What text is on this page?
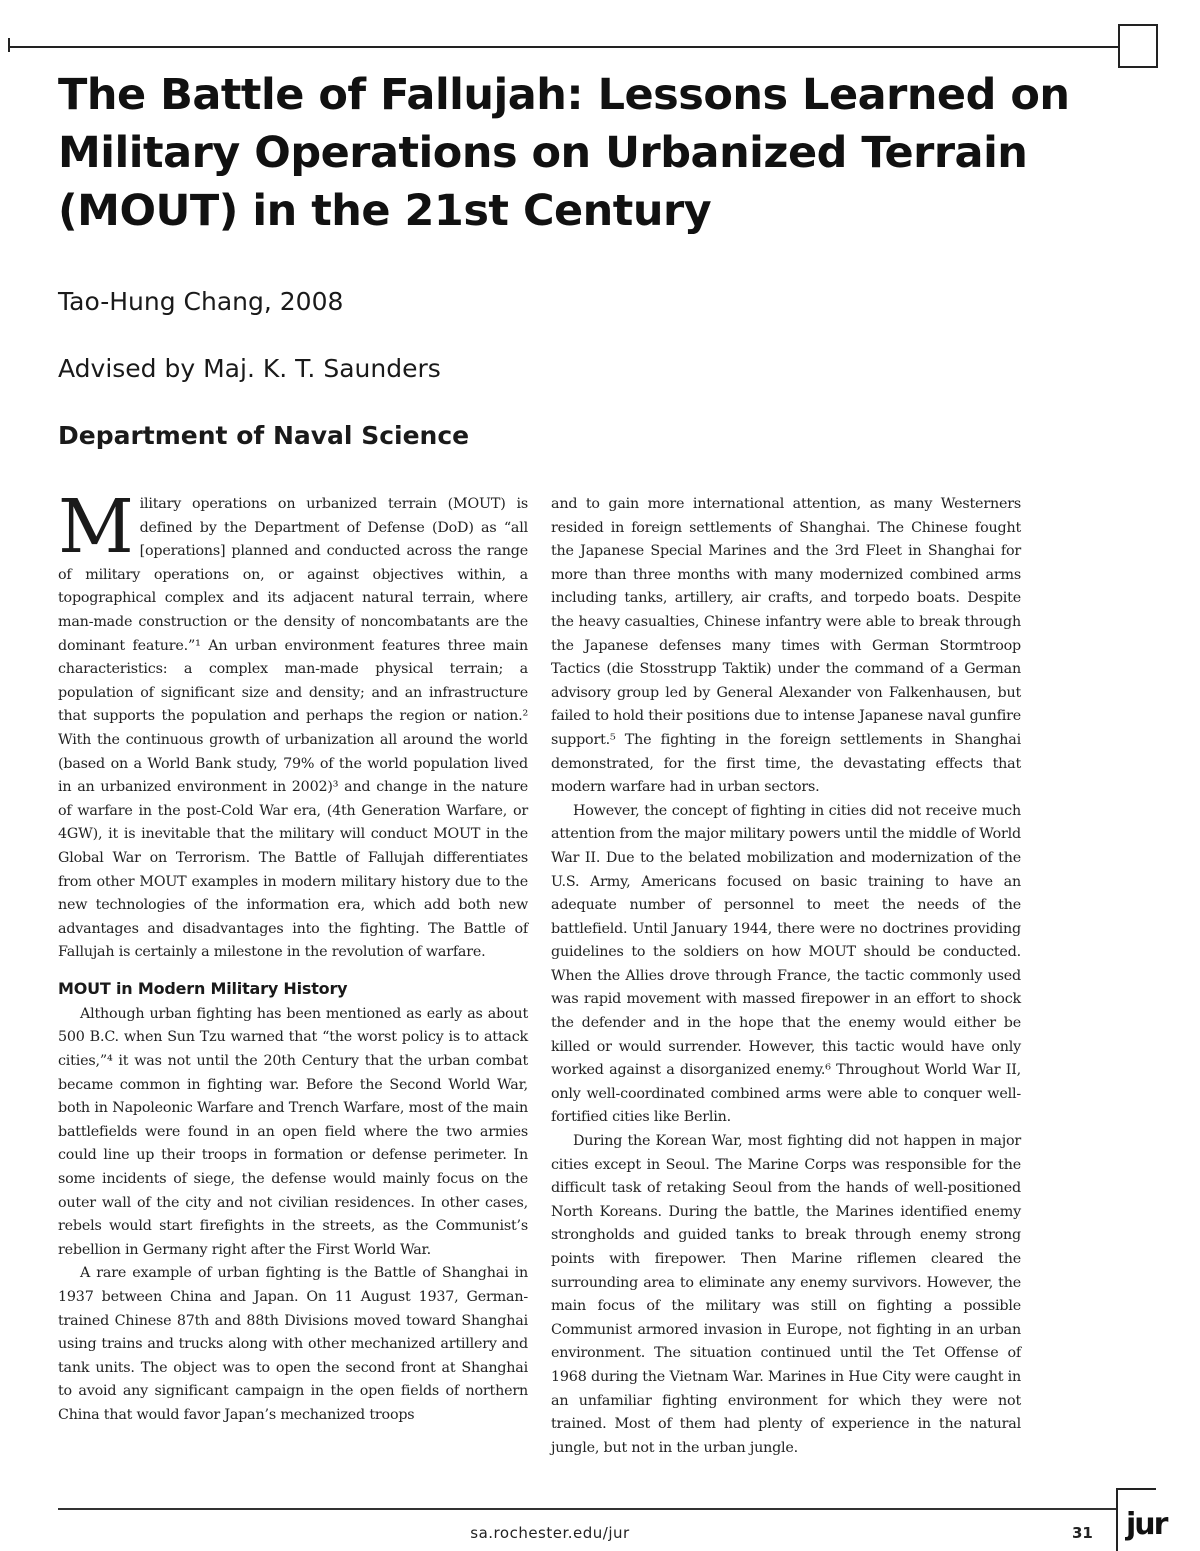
The Battle of Fallujah: Lessons Learned on
Military Operations on Urbanized Terrain
(MOUT) in the 21st Century
Tao-Hung Chang, 2008
Advised by Maj. K. T. Saunders
Department of Naval Science

Military operations on urbanized terrain (MOUT) is defined by the Department of Defense (DoD) as “all [operations] planned and conducted across the range of military operations on, or against objectives within, a topographical complex and its adjacent natural terrain, where man-made construction or the density of noncombatants are the dominant feature.”¹ An urban environment features three main characteristics: a complex man-made physical terrain; a population of significant size and density; and an infrastructure that supports the population and perhaps the region or nation.² With the continuous growth of urbanization all around the world (based on a World Bank study, 79% of the world population lived in an urbanized environment in 2002)³ and change in the nature of warfare in the post-Cold War era, (4th Generation Warfare, or 4GW), it is inevitable that the military will conduct MOUT in the Global War on Terrorism. The Battle of Fallujah differentiates from other MOUT examples in modern military history due to the new technologies of the information era, which add both new advantages and disadvantages into the fighting. The Battle of Fallujah is certainly a milestone in the revolution of warfare.

MOUT in Modern Military History

Although urban fighting has been mentioned as early as about 500 B.C. when Sun Tzu warned that “the worst policy is to attack cities,”⁴ it was not until the 20th Century that the urban combat became common in fighting war. Before the Second World War, both in Napoleonic Warfare and Trench Warfare, most of the main battlefields were found in an open field where the two armies could line up their troops in formation or defense perimeter. In some incidents of siege, the defense would mainly focus on the outer wall of the city and not civilian residences. In other cases, rebels would start firefights in the streets, as the Communist’s rebellion in Germany right after the First World War.

A rare example of urban fighting is the Battle of Shanghai in 1937 between China and Japan. On 11 August 1937, German-trained Chinese 87th and 88th Divisions moved toward Shanghai using trains and trucks along with other mechanized artillery and tank units. The object was to open the second front at Shanghai to avoid any significant campaign in the open fields of northern China that would favor Japan’s mechanized troops

and to gain more international attention, as many Westerners resided in foreign settlements of Shanghai. The Chinese fought the Japanese Special Marines and the 3rd Fleet in Shanghai for more than three months with many modernized combined arms including tanks, artillery, air crafts, and torpedo boats. Despite the heavy casualties, Chinese infantry were able to break through the Japanese defenses many times with German Stormtroop Tactics (die Stosstrupp Taktik) under the command of a German advisory group led by General Alexander von Falkenhausen, but failed to hold their positions due to intense Japanese naval gunfire support.⁵ The fighting in the foreign settlements in Shanghai demonstrated, for the first time, the devastating effects that modern warfare had in urban sectors.

However, the concept of fighting in cities did not receive much attention from the major military powers until the middle of World War II. Due to the belated mobilization and modernization of the U.S. Army, Americans focused on basic training to have an adequate number of personnel to meet the needs of the battlefield. Until January 1944, there were no doctrines providing guidelines to the soldiers on how MOUT should be conducted. When the Allies drove through France, the tactic commonly used was rapid movement with massed firepower in an effort to shock the defender and in the hope that the enemy would either be killed or would surrender. However, this tactic would have only worked against a disorganized enemy.⁶ Throughout World War II, only well-coordinated combined arms were able to conquer well-fortified cities like Berlin.

During the Korean War, most fighting did not happen in major cities except in Seoul. The Marine Corps was responsible for the difficult task of retaking Seoul from the hands of well-positioned North Koreans. During the battle, the Marines identified enemy strongholds and guided tanks to break through enemy strong points with firepower. Then Marine riflemen cleared the surrounding area to eliminate any enemy survivors. However, the main focus of the military was still on fighting a possible Communist armored invasion in Europe, not fighting in an urban environment. The situation continued until the Tet Offense of 1968 during the Vietnam War. Marines in Hue City were caught in an unfamiliar fighting environment for which they were not trained. Most of them had plenty of experience in the natural jungle, but not in the urban jungle.

sa.rochester.edu/jur	31 jur
